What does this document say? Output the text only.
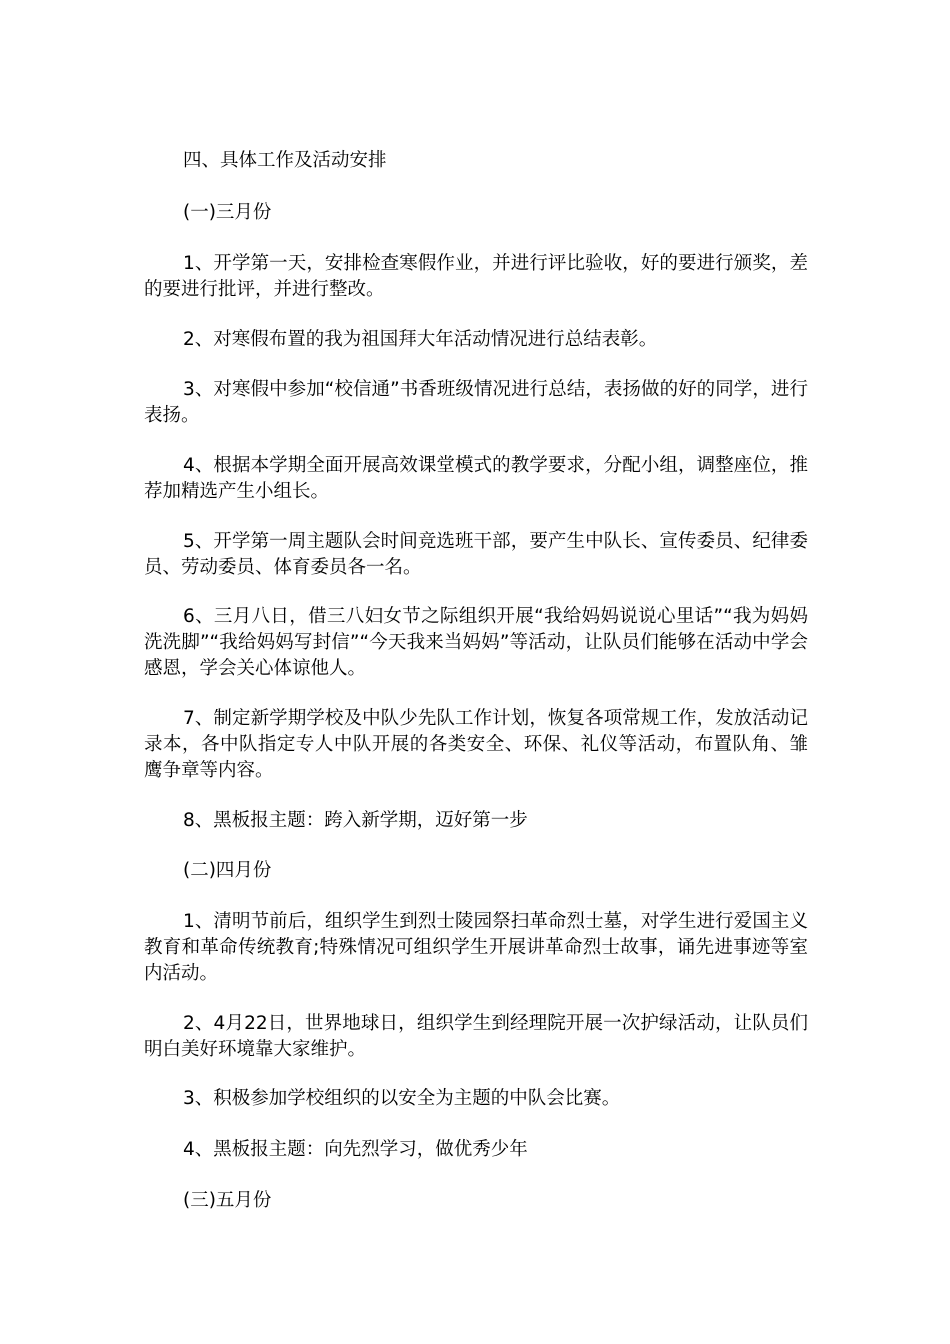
四、具体工作及活动安排

(一)三月份

1、开学第一天，安排检查寒假作业，并进行评比验收，好的要进行颁奖，差的要进行批评，并进行整改。

2、对寒假布置的我为祖国拜大年活动情况进行总结表彰。

3、对寒假中参加“校信通”书香班级情况进行总结，表扬做的好的同学，进行表扬。

4、根据本学期全面开展高效课堂模式的教学要求，分配小组，调整座位，推荐加精选产生小组长。

5、开学第一周主题队会时间竞选班干部，要产生中队长、宣传委员、纪律委员、劳动委员、体育委员各一名。

6、三月八日，借三八妇女节之际组织开展“我给妈妈说说心里话”“我为妈妈洗洗脚”“我给妈妈写封信”“今天我来当妈妈”等活动，让队员们能够在活动中学会感恩，学会关心体谅他人。

7、制定新学期学校及中队少先队工作计划，恢复各项常规工作，发放活动记录本，各中队指定专人中队开展的各类安全、环保、礼仪等活动，布置队角、雏鹰争章等内容。

8、黑板报主题：跨入新学期，迈好第一步

(二)四月份

1、清明节前后，组织学生到烈士陵园祭扫革命烈士墓，对学生进行爱国主义教育和革命传统教育;特殊情况可组织学生开展讲革命烈士故事，诵先进事迹等室内活动。

2、4月22日，世界地球日，组织学生到经理院开展一次护绿活动，让队员们明白美好环境靠大家维护。

3、积极参加学校组织的以安全为主题的中队会比赛。

4、黑板报主题：向先烈学习，做优秀少年

(三)五月份
